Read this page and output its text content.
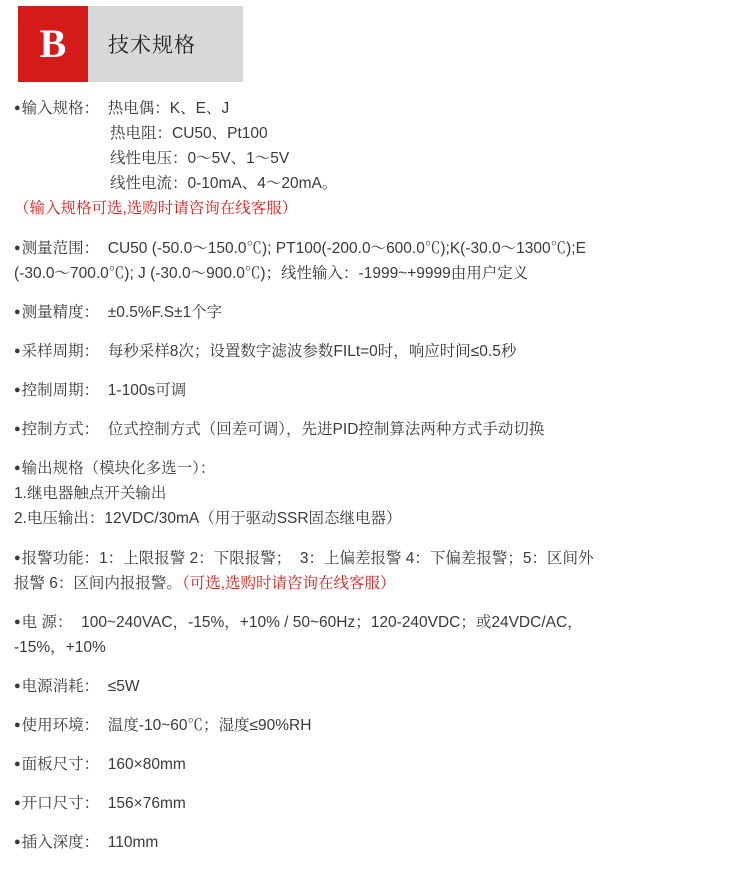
B 技术规格
●输入规格： 热电偶：K、E、J
热电阻：CU50、Pt100
线性电压：0～5V、1～5V
线性电流：0-10mA、4～20mA。
（输入规格可选,选购时请咨询在线客服）
●测量范围： CU50 (-50.0～150.0℃); PT100(-200.0～600.0℃);K(-30.0～1300℃);E
(-30.0～700.0℃); J (-30.0～900.0℃)；线性输入：-1999~+9999由用户定义
●测量精度： ±0.5%F.S±1个字
●采样周期： 每秒采样8次；设置数字滤波参数FILt=0时，响应时间≤0.5秒
●控制周期： 1-100s可调
●控制方式： 位式控制方式（回差可调），先进PID控制算法两种方式手动切换
●输出规格（模块化多选一）：
1.继电器触点开关输出
2.电压输出：12VDC/30mA（用于驱动SSR固态继电器）
●报警功能：1：上限报警 2：下限报警；  3：上偏差报警 4：下偏差报警；5：区间外
报警 6：区间内报报警。（可选,选购时请咨询在线客服）
●电 源： 100~240VAC，-15%，+10% / 50~60Hz；120-240VDC；或24VDC/AC，
-15%，+10%
●电源消耗： ≤5W
●使用环境： 温度-10~60℃；湿度≤90%RH
●面板尺寸： 160×80mm
●开口尺寸： 156×76mm
●插入深度： 110mm
